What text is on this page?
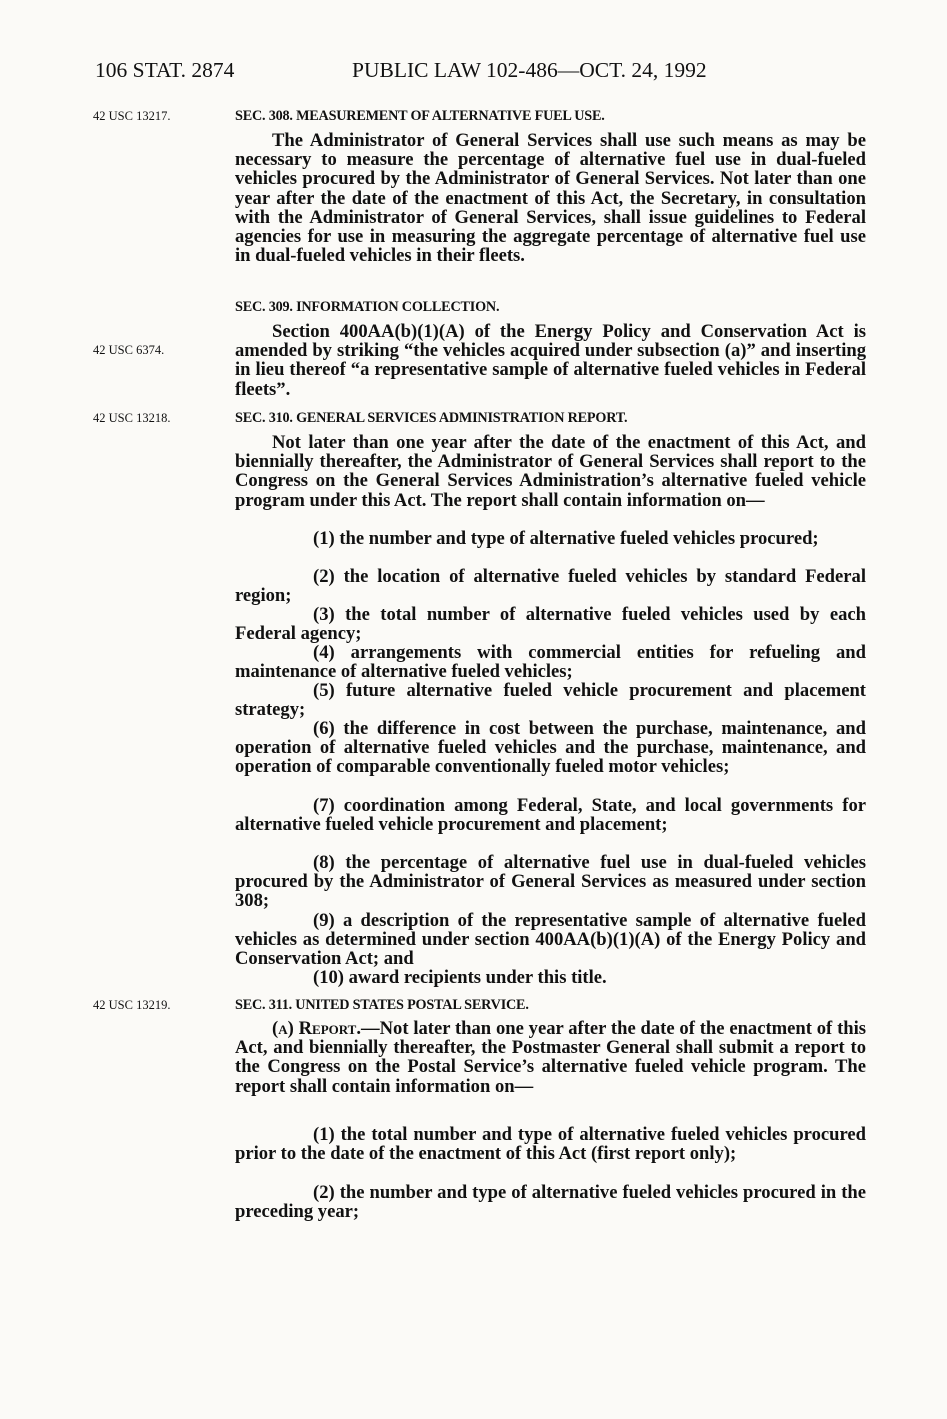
106 STAT. 2874	PUBLIC LAW 102-486—OCT. 24, 1992
42 USC 13217.	SEC. 308. MEASUREMENT OF ALTERNATIVE FUEL USE.

The Administrator of General Services shall use such means as may be necessary to measure the percentage of alternative fuel use in dual-fueled vehicles procured by the Administrator of General Services. Not later than one year after the date of the enactment of this Act, the Secretary, in consultation with the Administrator of General Services, shall issue guidelines to Federal agencies for use in measuring the aggregate percentage of alternative fuel use in dual-fueled vehicles in their fleets.

SEC. 309. INFORMATION COLLECTION.
42 USC 6374.

Section 400AA(b)(1)(A) of the Energy Policy and Conservation Act is amended by striking “the vehicles acquired under subsection (a)” and inserting in lieu thereof “a representative sample of alternative fueled vehicles in Federal fleets”.

42 USC 13218.	SEC. 310. GENERAL SERVICES ADMINISTRATION REPORT.

Not later than one year after the date of the enactment of this Act, and biennially thereafter, the Administrator of General Services shall report to the Congress on the General Services Administration’s alternative fueled vehicle program under this Act. The report shall contain information on—

(1) the number and type of alternative fueled vehicles procured;

(2) the location of alternative fueled vehicles by standard Federal region;

(3) the total number of alternative fueled vehicles used by each Federal agency;

(4) arrangements with commercial entities for refueling and maintenance of alternative fueled vehicles;

(5) future alternative fueled vehicle procurement and placement strategy;

(6) the difference in cost between the purchase, maintenance, and operation of alternative fueled vehicles and the purchase, maintenance, and operation of comparable conventionally fueled motor vehicles;

(7) coordination among Federal, State, and local governments for alternative fueled vehicle procurement and placement;

(8) the percentage of alternative fuel use in dual-fueled vehicles procured by the Administrator of General Services as measured under section 308;

(9) a description of the representative sample of alternative fueled vehicles as determined under section 400AA(b)(1)(A) of the Energy Policy and Conservation Act; and

(10) award recipients under this title.

42 USC 13219.	SEC. 311. UNITED STATES POSTAL SERVICE.

(a) Report.—Not later than one year after the date of the enactment of this Act, and biennially thereafter, the Postmaster General shall submit a report to the Congress on the Postal Service’s alternative fueled vehicle program. The report shall contain information on—

(1) the total number and type of alternative fueled vehicles procured prior to the date of the enactment of this Act (first report only);

(2) the number and type of alternative fueled vehicles procured in the preceding year;
